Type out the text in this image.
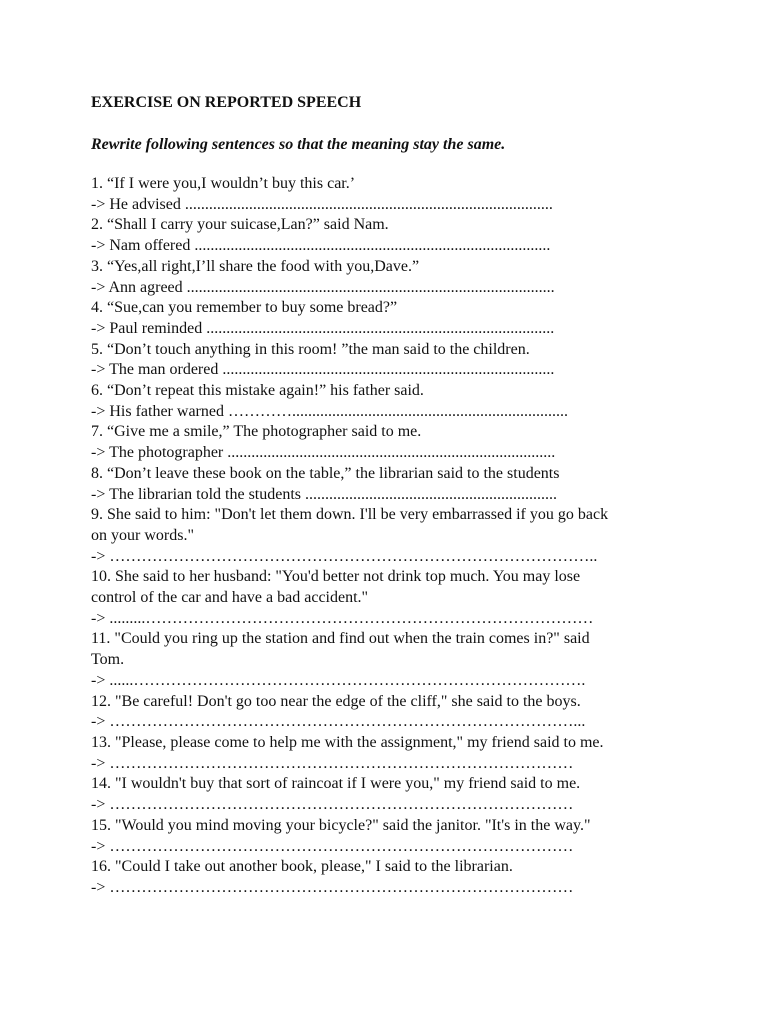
EXERCISE ON REPORTED SPEECH
Rewrite following sentences so that the meaning stay the same.
1. “If I were you,I wouldn’t buy this car.’
-> He advised ............................................................................................
2. “Shall I carry your suicase,Lan?” said Nam.
-> Nam offered .........................................................................................
3. “Yes,all right,I’ll share the food with you,Dave.”
-> Ann agreed ............................................................................................
4. “Sue,can you remember to buy some bread?”
-> Paul reminded .......................................................................................
5. “Don’t touch anything in this room! ”the man said to the children.
-> The man ordered ...................................................................................
6. “Don’t repeat this mistake again!” his father said.
-> His father warned ………….....................................................................
7. “Give me a smile,” The photographer said to me.
-> The photographer ..................................................................................
8. “Don’t leave these book on the table,” the librarian said to the students
-> The librarian told the students ...............................................................
9. She said to him: "Don't let them down. I'll be very embarrassed if you go back
on your words."
-> ………………………………………………………………………………..
10. She said to her husband: "You'd better not drink top much. You may lose
control of the car and have a bad accident."
-> .........…………………………………………………………………………
11. "Could you ring up the station and find out when the train comes in?" said
Tom.
-> ......………………………………………………………………………….
12. "Be careful! Don't go too near the edge of the cliff," she said to the boys.
-> ……………………………………………………………………………...
13. "Please, please come to help me with the assignment," my friend said to me.
-> ……………………………………………………………………………
14. "I wouldn't buy that sort of raincoat if I were you," my friend said to me.
-> ……………………………………………………………………………
15. "Would you mind moving your bicycle?" said the janitor. "It's in the way."
-> ……………………………………………………………………………
16. "Could I take out another book, please," I said to the librarian.
-> ……………………………………………………………………………
